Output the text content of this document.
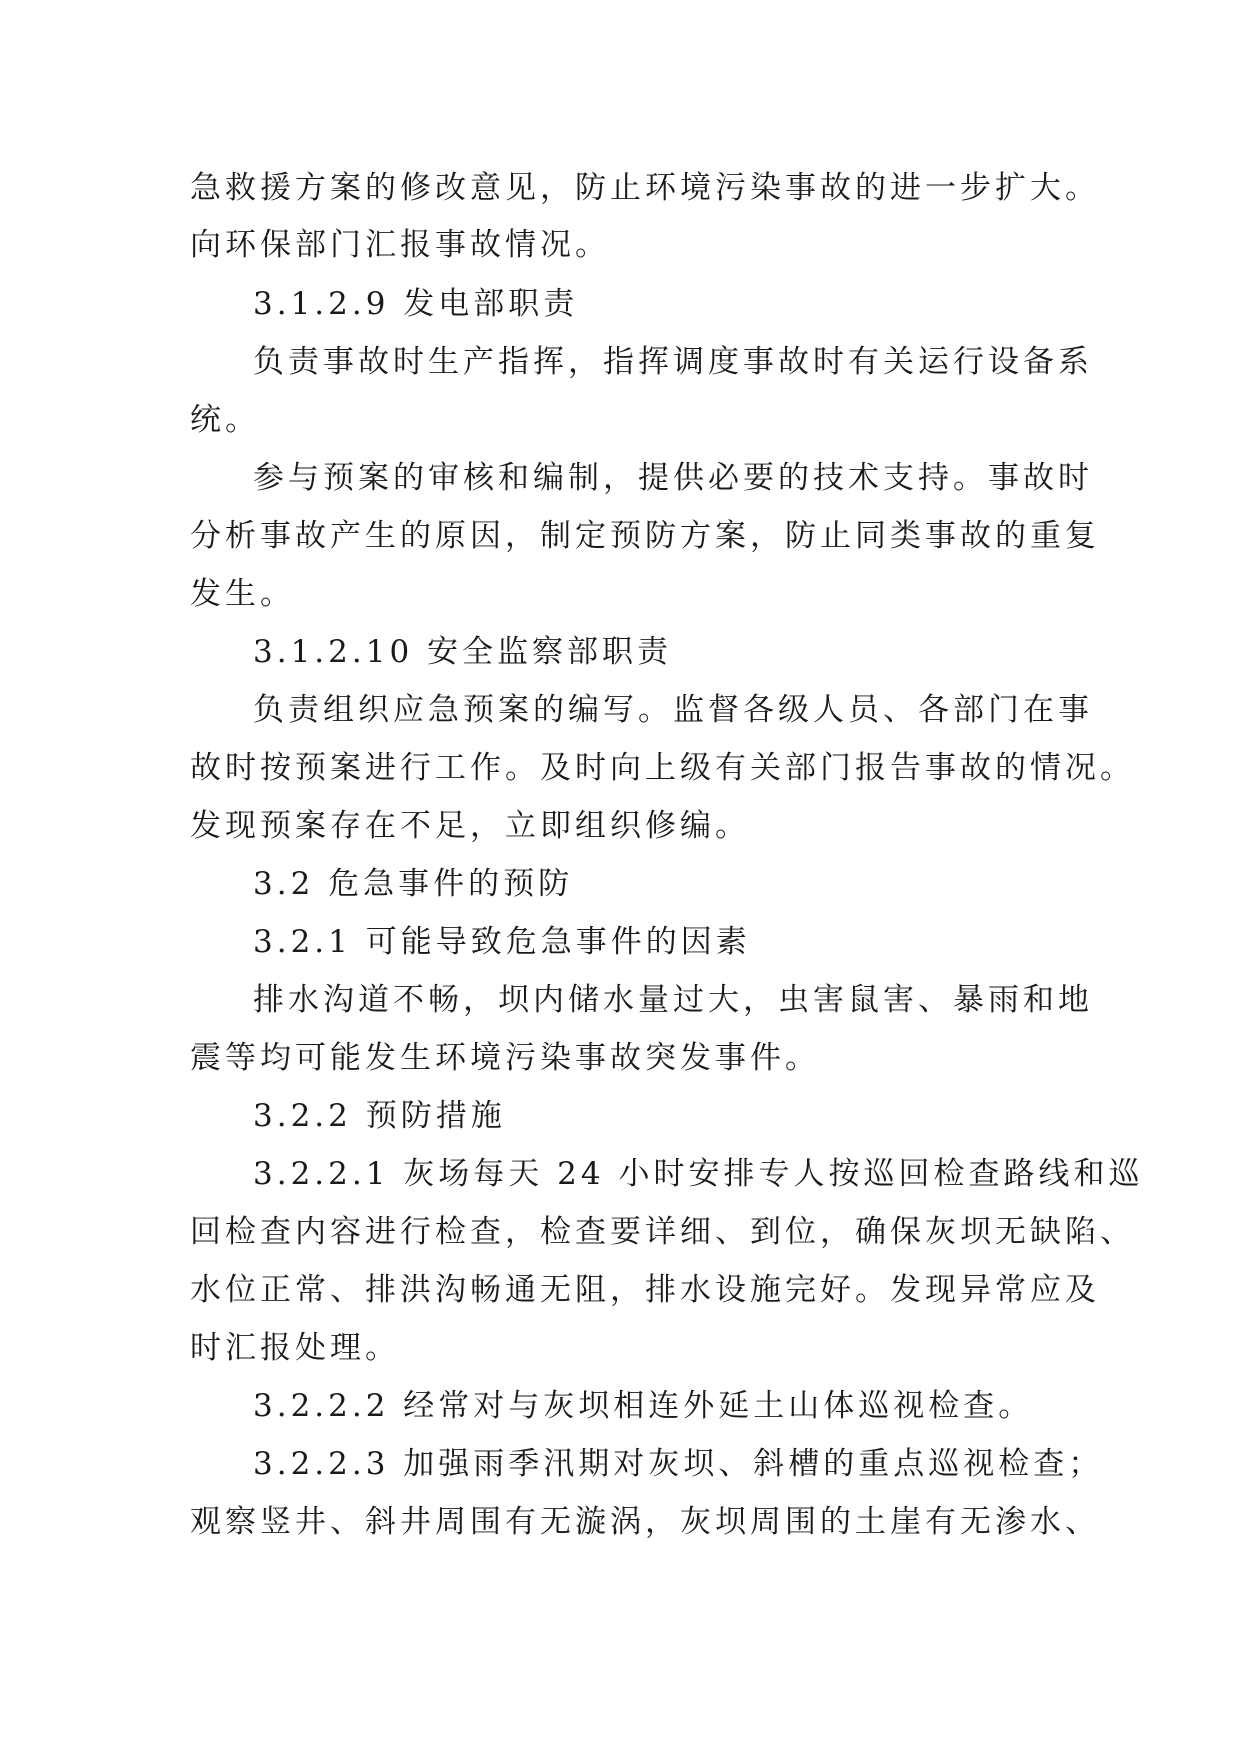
急救援方案的修改意见，防止环境污染事故的进一步扩大。
向环保部门汇报事故情况。
3.1.2.9 发电部职责
负责事故时生产指挥，指挥调度事故时有关运行设备系
统。
参与预案的审核和编制，提供必要的技术支持。事故时
分析事故产生的原因，制定预防方案，防止同类事故的重复
发生。
3.1.2.10 安全监察部职责
负责组织应急预案的编写。监督各级人员、各部门在事
故时按预案进行工作。及时向上级有关部门报告事故的情况。
发现预案存在不足，立即组织修编。
3.2 危急事件的预防
3.2.1 可能导致危急事件的因素
排水沟道不畅，坝内储水量过大，虫害鼠害、暴雨和地
震等均可能发生环境污染事故突发事件。
3.2.2 预防措施
3.2.2.1 灰场每天 24 小时安排专人按巡回检查路线和巡
回检查内容进行检查，检查要详细、到位，确保灰坝无缺陷、
水位正常、排洪沟畅通无阻，排水设施完好。发现异常应及
时汇报处理。
3.2.2.2 经常对与灰坝相连外延土山体巡视检查。
3.2.2.3 加强雨季汛期对灰坝、斜槽的重点巡视检查；
观察竖井、斜井周围有无漩涡，灰坝周围的土崖有无渗水、
